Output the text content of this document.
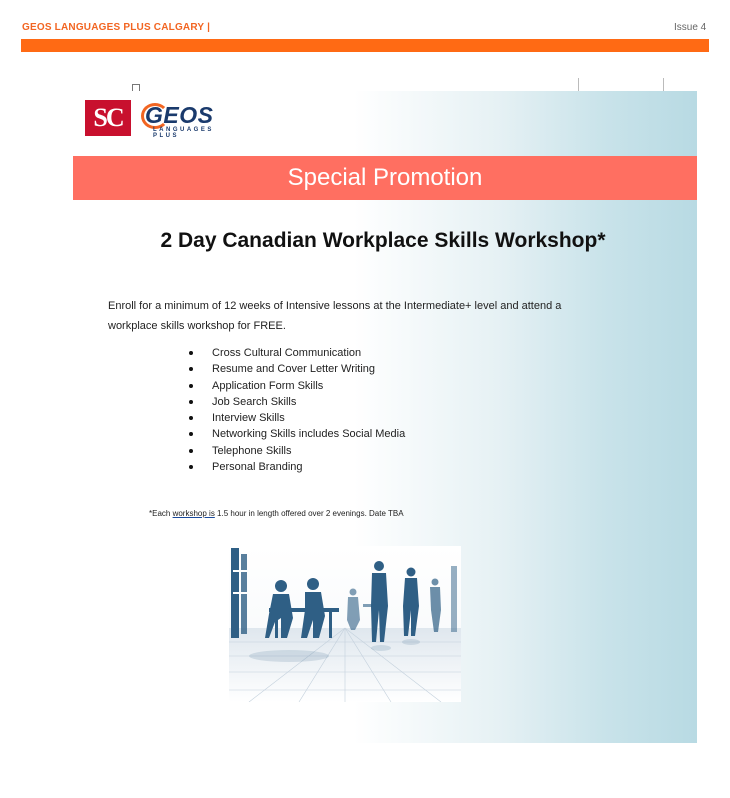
GEOS LANGUAGES PLUS CALGARY |	Issue 4
SC GEOS
LANGUAGES PLUS
Special Promotion
2 Day Canadian Workplace Skills Workshop*
Enroll for a minimum of 12 weeks of Intensive lessons at the Intermediate+ level and attend a
workplace skills workshop for FREE.
Cross Cultural Communication
Resume and Cover Letter Writing
Application Form Skills
Job Search Skills
Interview Skills
Networking Skills includes Social Media
Telephone Skills
Personal Branding
*Each workshop is 1.5 hour in length offered over 2 evenings. Date TBA
